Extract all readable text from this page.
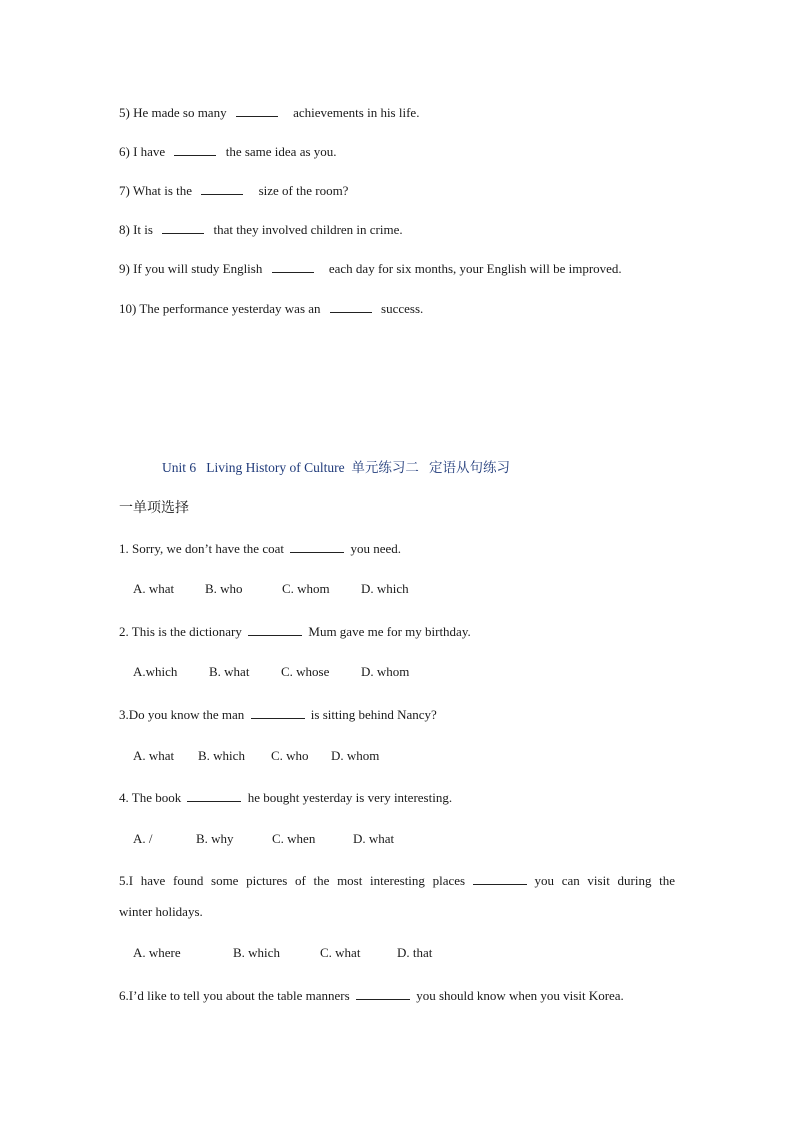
5) He made so many	achievements in his life.
6) I have	the same idea as you.
7) What is the	size of the room?
8) It is	that they involved children in crime.
9) If you will study English	each day for six months, your English will be improved.
10) The performance yesterday was an	success.
Unit 6   Living History of Culture  单元练习二   定语从句练习
一单项选择
1. Sorry, we don’t have the coat	you need.
A. what B. who	C. whom D. which
2. This is the dictionary	Mum gave me for my birthday.
A.which B. what C. whose D. whom
3.Do you know the man	is sitting behind Nancy?
A. what B. which C. who D. whom
4. The book	he bought yesterday is very interesting.
A. /	B. why	C. when	D. what
5.I have found some pictures of the most interesting places	you can visit during the
winter holidays.
A. where	B. which	C. what	D. that
6.I’d like to tell you about the table manners	you should know when you visit Korea.
